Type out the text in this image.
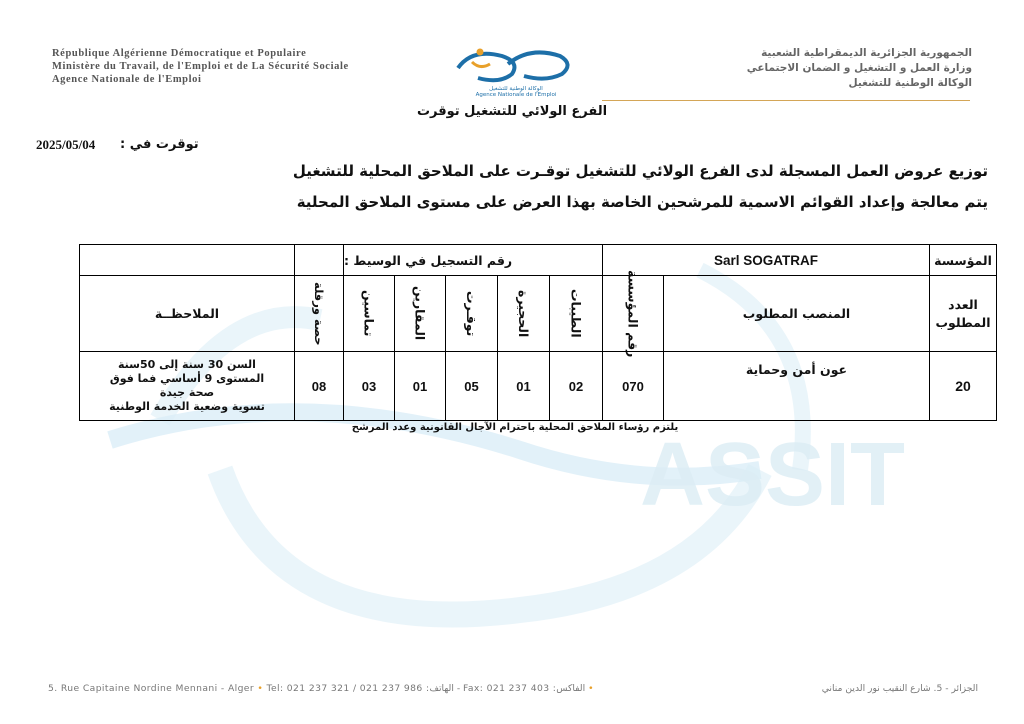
ASSIT
République Algérienne Démocratique et Populaire
Ministère du Travail, de l'Emploi et de La Sécurité Sociale
Agence Nationale de l'Emploi
الجمهورية الجزائرية الديمقراطية الشعبية
وزارة العمل و التشغيل و الضمان الاجتماعي
الوكالة الوطنية للتشغيل
الوكالة الوطنية للتشغيل
Agence Nationale de l'Emploi
الفرع الولائي للتشغيل توقرت
توقرت في :
2025/05/04
توزيع عروض العمل المسجلة لدى الفرع الولائي للتشغيل توقـرت على الملاحق المحلية للتشغيل
يتم معالجة وإعداد القوائم الاسمية للمرشحين الخاصة بهذا العرض على مستوى الملاحق المحلية
المؤسسة
Sarl SOGATRAF
رقم التسجيل في الوسيط :
العدد المطلوب
المنصب المطلوب
رقم المؤسسة
الطيبات
الحجيرة
توقـرت
المقارين
تماسين
حصة ورقلة
الملاحظــة
20
عون أمن وحماية
070
02
01
05
01
03
08
السن 30 سنة إلى 50سنة
المستوى 9 أساسي فما فوق
صحة جيدة
تسوية وضعية الخدمة الوطنية
يلتزم رؤساء الملاحق المحلية باحترام الآجال القانونية وعدد المرشح
5. Rue Capitaine Nordine Mennani - Alger • Tel: 021 237 321 / 021 237 986 :الهاتف - Fax: 021 237 403 :الفاكس •	الجزائر - 5. شارع النقيب نور الدين مناني
